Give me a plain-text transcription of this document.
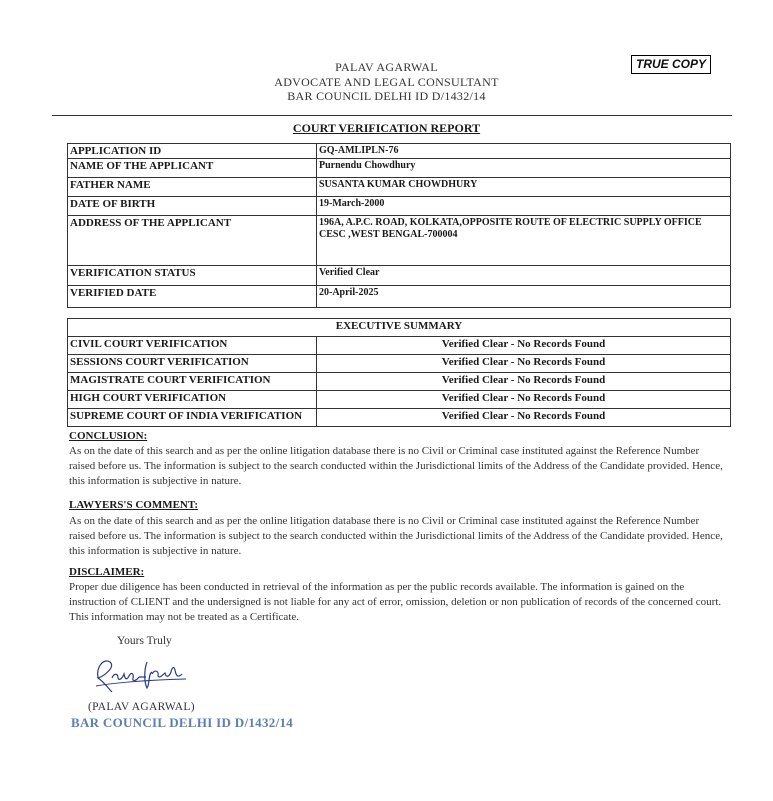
TRUE COPY
PALAV AGARWAL
ADVOCATE AND LEGAL CONSULTANT
BAR COUNCIL DELHI ID D/1432/14
COURT VERIFICATION REPORT
APPLICATION ID	GQ-AMLIPLN-76
NAME OF THE APPLICANT	Purnendu Chowdhury
FATHER NAME	SUSANTA KUMAR CHOWDHURY
DATE OF BIRTH	19-March-2000
ADDRESS OF THE APPLICANT	196A, A.P.C. ROAD, KOLKATA,OPPOSITE ROUTE OF ELECTRIC SUPPLY OFFICE CESC ,WEST BENGAL-700004
VERIFICATION STATUS	Verified Clear
VERIFIED DATE	20-April-2025
EXECUTIVE SUMMARY	
CIVIL COURT VERIFICATION	Verified Clear - No Records Found
SESSIONS COURT VERIFICATION	Verified Clear - No Records Found
MAGISTRATE COURT VERIFICATION	Verified Clear - No Records Found
HIGH COURT VERIFICATION	Verified Clear - No Records Found
SUPREME COURT OF INDIA VERIFICATION	Verified Clear - No Records Found
CONCLUSION:
As on the date of this search and as per the online litigation database there is no Civil or Criminal case instituted against the Reference Number raised before us. The information is subject to the search conducted within the Jurisdictional limits of the Address of the Candidate provided. Hence, this information is subjective in nature.
LAWYERS'S COMMENT:
As on the date of this search and as per the online litigation database there is no Civil or Criminal case instituted against the Reference Number raised before us. The information is subject to the search conducted within the Jurisdictional limits of the Address of the Candidate provided. Hence, this information is subjective in nature.
DISCLAIMER:
Proper due diligence has been conducted in retrieval of the information as per the public records available. The information is gained on the instruction of CLIENT and the undersigned is not liable for any act of error, omission, deletion or non publication of records of the concerned court. This information may not be treated as a Certificate.
Yours Truly
(PALAV AGARWAL)
BAR COUNCIL DELHI ID D/1432/14
